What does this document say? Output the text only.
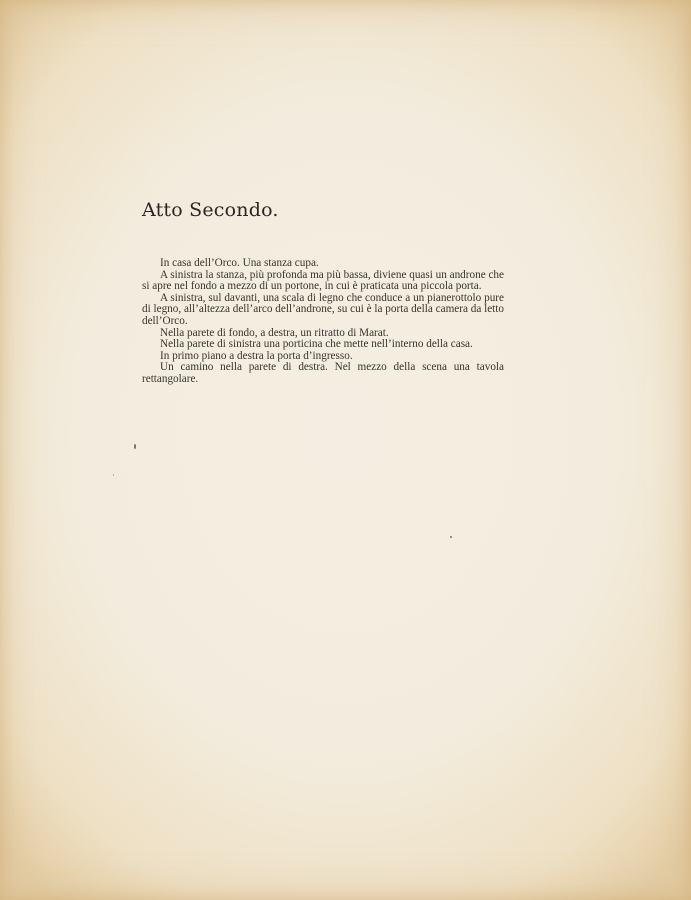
Atto Secondo.

In casa dell’Orco. Una stanza cupa.

A sinistra la stanza, più profonda ma più bassa, diviene quasi un androne che si apre nel fondo a mezzo di un portone, in cui è praticata una piccola porta.

A sinistra, sul davanti, una scala di legno che conduce a un pianerottolo pure di legno, all’altezza dell’arco dell’androne, su cui è la porta della camera da letto dell’Orco.

Nella parete di fondo, a destra, un ritratto di Marat.

Nella parete di sinistra una porticina che mette nell’interno della casa.

In primo piano a destra la porta d’ingresso.

Un camino nella parete di destra. Nel mezzo della scena una tavola rettangolare.
